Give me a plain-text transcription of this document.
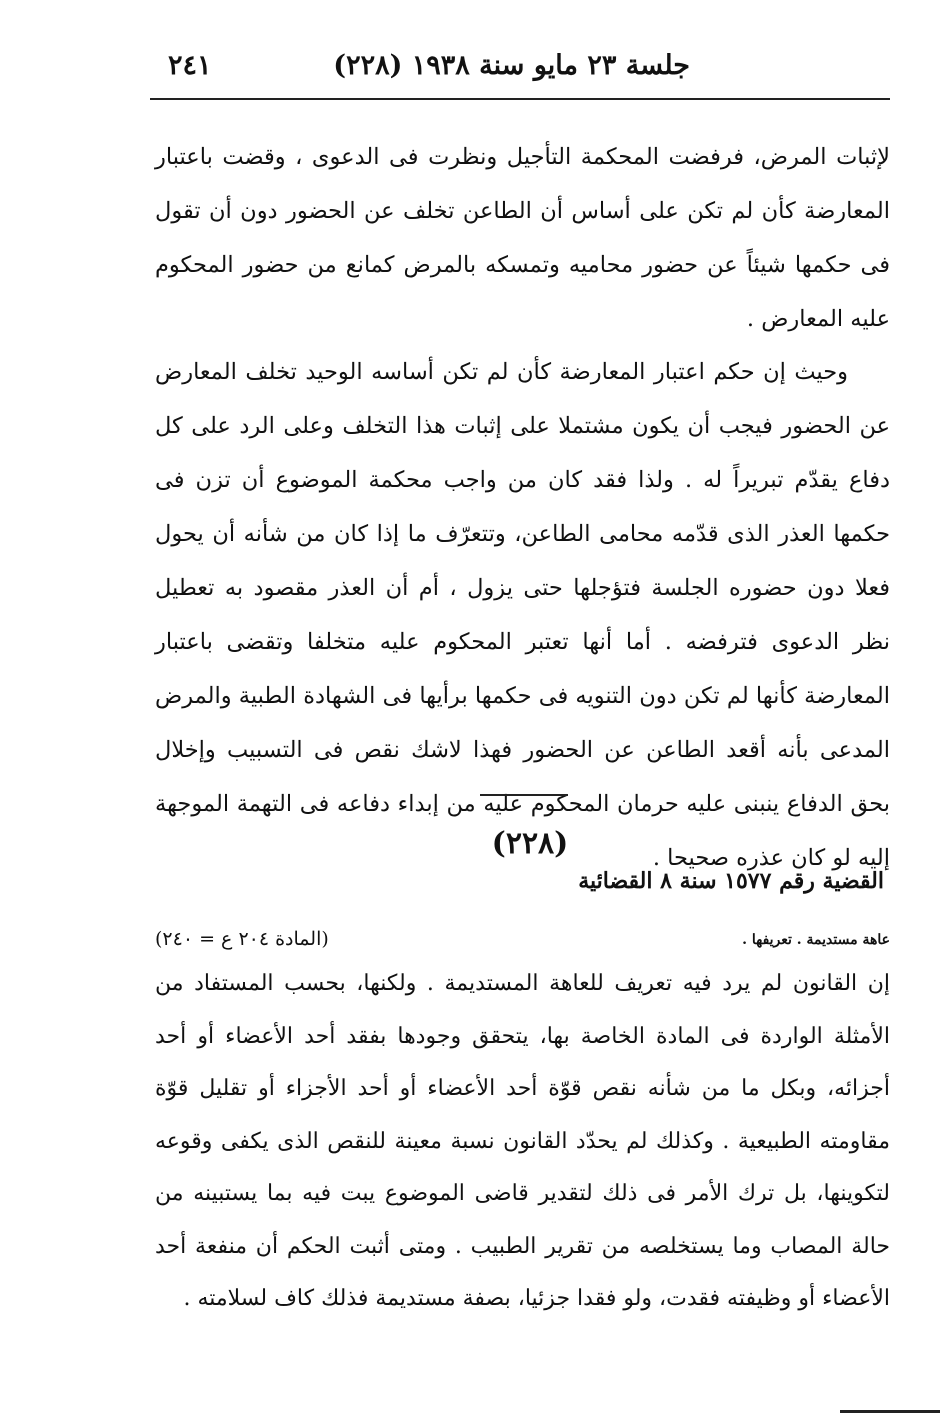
جلسة ٢٣ مايو سنة ١٩٣٨ (٢٢٨)
٢٤١

لإثبات المرض، فرفضت المحكمة التأجيل ونظرت فى الدعوى ، وقضت باعتبار المعارضة كأن لم تكن على أساس أن الطاعن تخلف عن الحضور دون أن تقول فى حكمها شيئاً عن حضور محاميه وتمسكه بالمرض كمانع من حضور المحكوم عليه المعارض .

وحيث إن حكم اعتبار المعارضة كأن لم تكن أساسه الوحيد تخلف المعارض عن الحضور فيجب أن يكون مشتملا على إثبات هذا التخلف وعلى الرد على كل دفاع يقدّم تبريراً له . ولذا فقد كان من واجب محكمة الموضوع أن تزن فى حكمها العذر الذى قدّمه محامى الطاعن، وتتعرّف ما إذا كان من شأنه أن يحول فعلا دون حضوره الجلسة فتؤجلها حتى يزول ، أم أن العذر مقصود به تعطيل نظر الدعوى فترفضه . أما أنها تعتبر المحكوم عليه متخلفا وتقضى باعتبار المعارضة كأنها لم تكن دون التنويه فى حكمها برأيها فى الشهادة الطبية والمرض المدعى بأنه أقعد الطاعن عن الحضور فهذا لاشك نقص فى التسبيب وإخلال بحق الدفاع ينبنى عليه حرمان المحكوم عليه من إبداء دفاعه فى التهمة الموجهة إليه لو كان عذره صحيحا .

(٢٢٨)
القضية رقم ١٥٧٧ سنة ٨ القضائية
عاهة مستديمة . تعريفها .
(المادة ٢٠٤ ع = ٢٤٠)

إن القانون لم يرد فيه تعريف للعاهة المستديمة . ولكنها، بحسب المستفاد من الأمثلة الواردة فى المادة الخاصة بها، يتحقق وجودها بفقد أحد الأعضاء أو أحد أجزائه، وبكل ما من شأنه نقص قوّة أحد الأعضاء أو أحد الأجزاء أو تقليل قوّة مقاومته الطبيعية . وكذلك لم يحدّد القانون نسبة معينة للنقص الذى يكفى وقوعه لتكوينها، بل ترك الأمر فى ذلك لتقدير قاضى الموضوع يبت فيه بما يستبينه من حالة المصاب وما يستخلصه من تقرير الطبيب . ومتى أثبت الحكم أن منفعة أحد الأعضاء أو وظيفته فقدت، ولو فقدا جزئيا، بصفة مستديمة فذلك كاف لسلامته .
